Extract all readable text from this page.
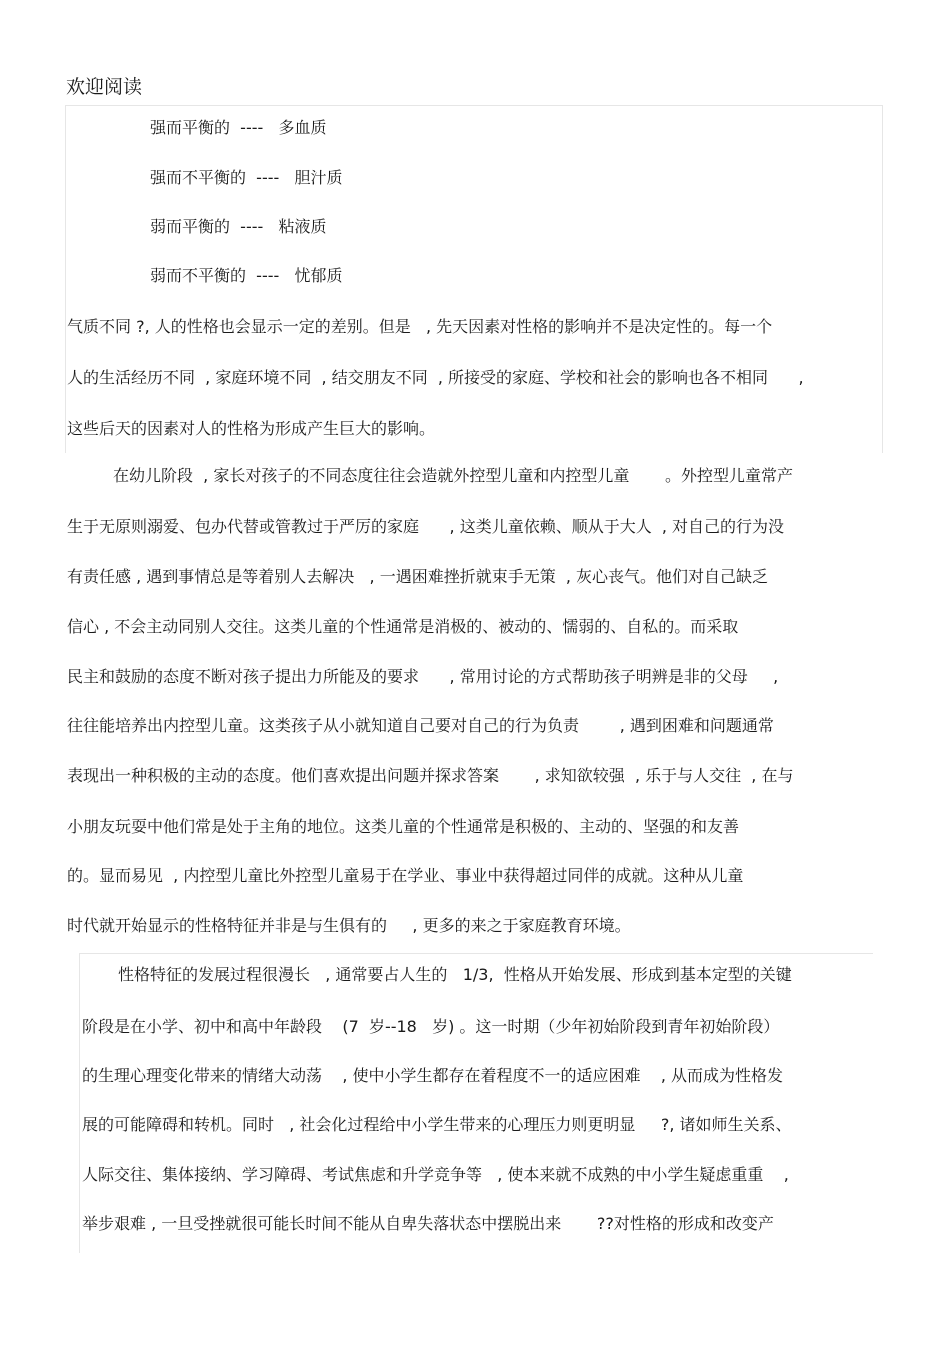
欢迎阅读
强而平衡的  ----   多血质
强而不平衡的  ----   胆汁质
弱而平衡的  ----   粘液质
弱而不平衡的  ----   忧郁质
气质不同 ?, 人的性格也会显示一定的差别。但是   , 先天因素对性格的影响并不是决定性的。每一个
人的生活经历不同  , 家庭环境不同  , 结交朋友不同  , 所接受的家庭、学校和社会的影响也各不相同      ,
这些后天的因素对人的性格为形成产生巨大的影响。
在幼儿阶段  , 家长对孩子的不同态度往往会造就外控型儿童和内控型儿童       。外控型儿童常产
生于无原则溺爱、包办代替或管教过于严厉的家庭      , 这类儿童依赖、顺从于大人  , 对自己的行为没
有责任感 , 遇到事情总是等着别人去解决   , 一遇困难挫折就束手无策  , 灰心丧气。他们对自己缺乏
信心 , 不会主动同别人交往。这类儿童的个性通常是消极的、被动的、懦弱的、自私的。而采取
民主和鼓励的态度不断对孩子提出力所能及的要求      , 常用讨论的方式帮助孩子明辨是非的父母     ,
往往能培养出内控型儿童。这类孩子从小就知道自己要对自己的行为负责        , 遇到困难和问题通常
表现出一种积极的主动的态度。他们喜欢提出问题并探求答案       , 求知欲较强  , 乐于与人交往  , 在与
小朋友玩耍中他们常是处于主角的地位。这类儿童的个性通常是积极的、主动的、坚强的和友善
的。显而易见  , 内控型儿童比外控型儿童易于在学业、事业中获得超过同伴的成就。这种从儿童
时代就开始显示的性格特征并非是与生俱有的     , 更多的来之于家庭教育环境。
性格特征的发展过程很漫长   , 通常要占人生的   1/3,  性格从开始发展、形成到基本定型的关键
阶段是在小学、初中和高中年龄段    (7  岁--18   岁) 。这一时期（少年初始阶段到青年初始阶段）
的生理心理变化带来的情绪大动荡    , 使中小学生都存在着程度不一的适应困难    , 从而成为性格发
展的可能障碍和转机。同时   , 社会化过程给中小学生带来的心理压力则更明显     ?, 诸如师生关系、
人际交往、集体接纳、学习障碍、考试焦虑和升学竞争等   , 使本来就不成熟的中小学生疑虑重重    ,
举步艰难 , 一旦受挫就很可能长时间不能从自卑失落状态中摆脱出来       ??对性格的形成和改变产
